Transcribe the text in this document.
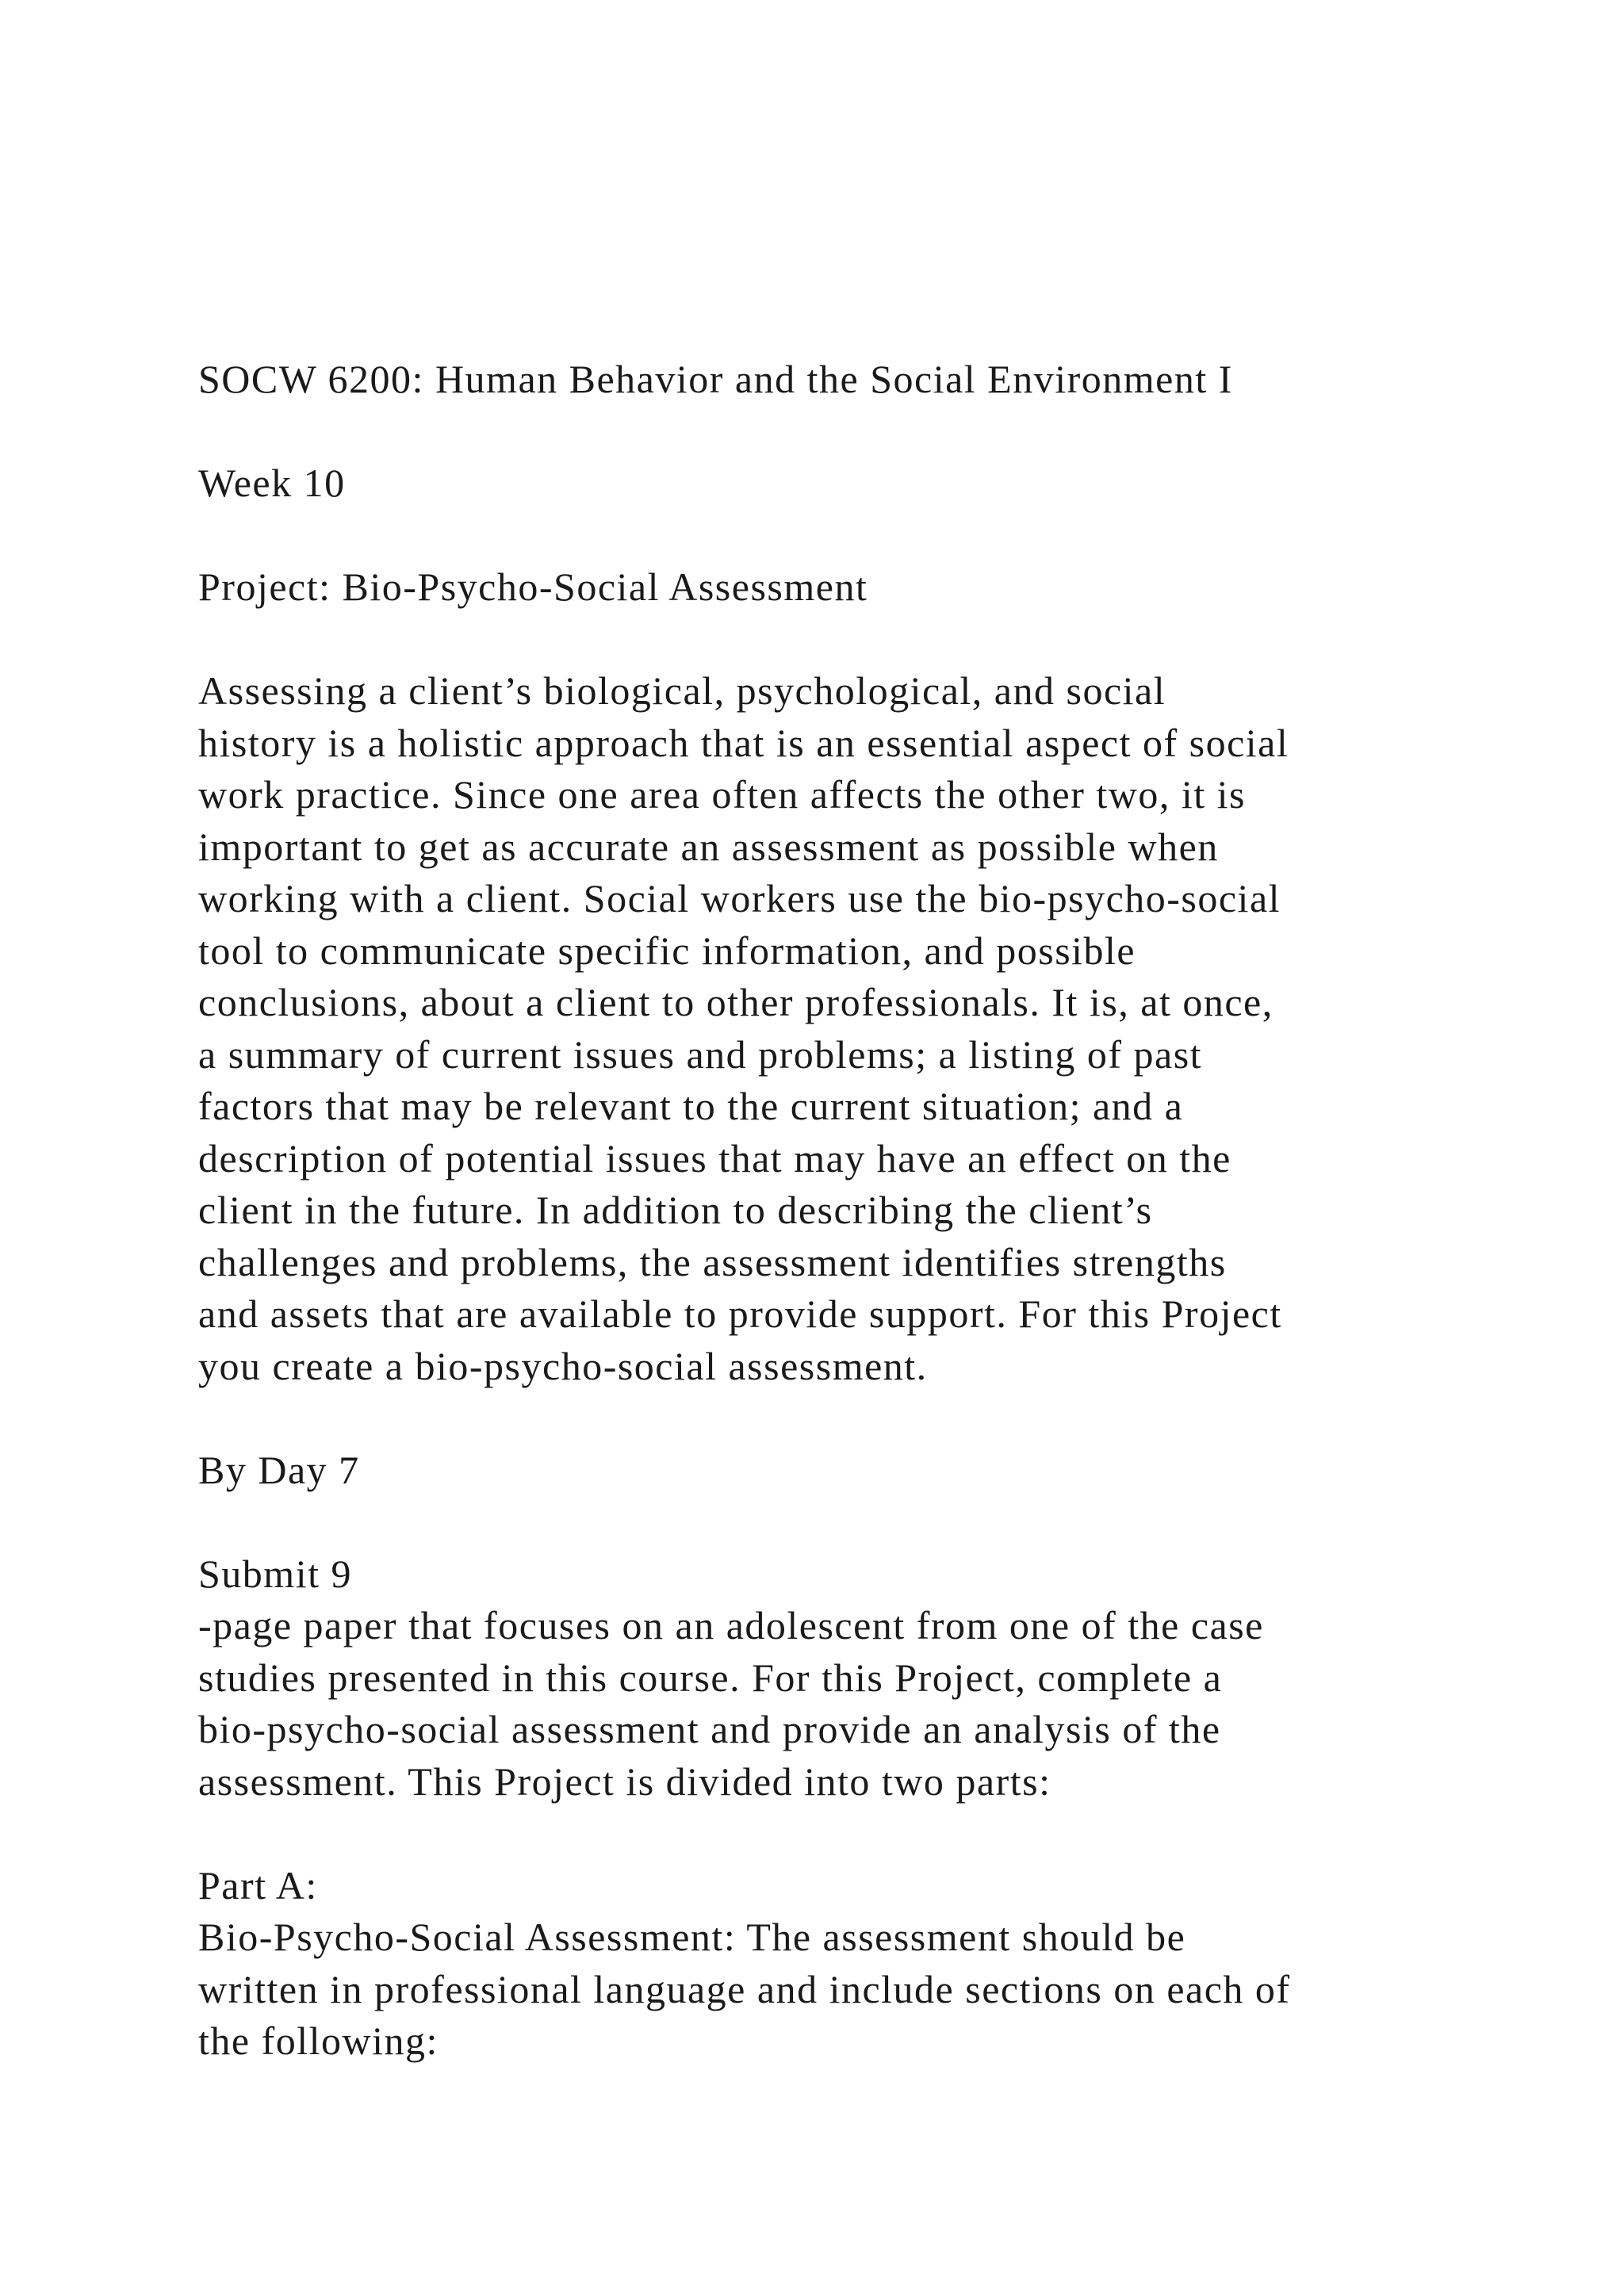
SOCW 6200: Human Behavior and the Social Environment I
Week 10
Project: Bio-Psycho-Social Assessment
Assessing a client’s biological, psychological, and social
history is a holistic approach that is an essential aspect of social
work practice. Since one area often affects the other two, it is
important to get as accurate an assessment as possible when
working with a client. Social workers use the bio-psycho-social
tool to communicate specific information, and possible
conclusions, about a client to other professionals. It is, at once,
a summary of current issues and problems; a listing of past
factors that may be relevant to the current situation; and a
description of potential issues that may have an effect on the
client in the future. In addition to describing the client’s
challenges and problems, the assessment identifies strengths
and assets that are available to provide support. For this Project
you create a bio-psycho-social assessment.
By Day 7
Submit 9
-page paper that focuses on an adolescent from one of the case
studies presented in this course. For this Project, complete a
bio-psycho-social assessment and provide an analysis of the
assessment. This Project is divided into two parts:
Part A:
Bio-Psycho-Social Assessment: The assessment should be
written in professional language and include sections on each of
the following:
